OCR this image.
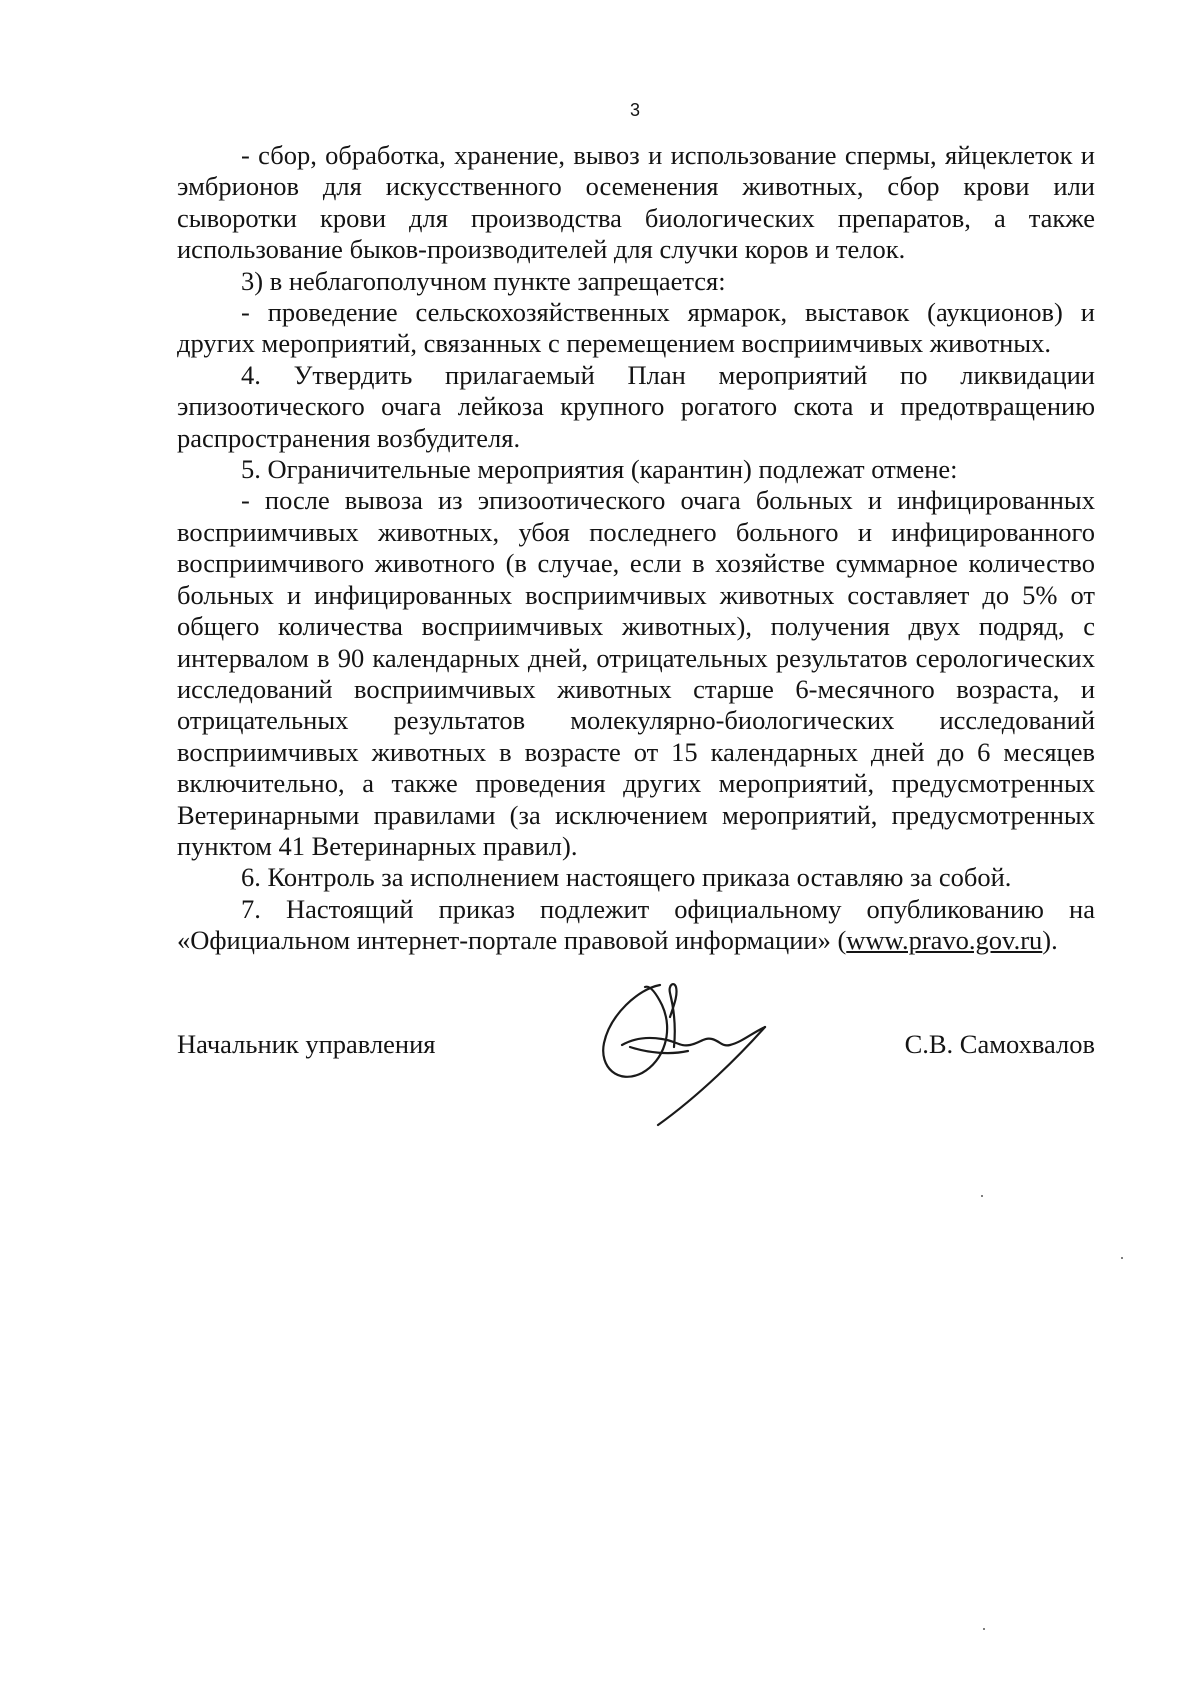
3

- сбор, обработка, хранение, вывоз и использование спермы, яйцеклеток и эмбрионов для искусственного осеменения животных, сбор крови или сыворотки крови для производства биологических препаратов, а также использование быков-производителей для случки коров и телок.

3) в неблагополучном пункте запрещается:

- проведение сельскохозяйственных ярмарок, выставок (аукционов) и других мероприятий, связанных с перемещением восприимчивых животных.

4. Утвердить прилагаемый План мероприятий по ликвидации эпизоотического очага лейкоза крупного рогатого скота и предотвращению распространения возбудителя.

5. Ограничительные мероприятия (карантин) подлежат отмене:

- после вывоза из эпизоотического очага больных и инфицированных восприимчивых животных, убоя последнего больного и инфицированного восприимчивого животного (в случае, если в хозяйстве суммарное количество больных и инфицированных восприимчивых животных составляет до 5% от общего количества восприимчивых животных), получения двух подряд, с интервалом в 90 календарных дней, отрицательных результатов серологических исследований восприимчивых животных старше 6-месячного возраста, и отрицательных результатов молекулярно-биологических исследований восприимчивых животных в возрасте от 15 календарных дней до 6 месяцев включительно, а также проведения других мероприятий, предусмотренных Ветеринарными правилами (за исключением мероприятий, предусмотренных пунктом 41 Ветеринарных правил).

6. Контроль за исполнением настоящего приказа оставляю за собой.

7. Настоящий приказ подлежит официальному опубликованию на «Официальном интернет-портале правовой информации» (www.pravo.gov.ru).

Начальник управления	С.В. Самохвалов
